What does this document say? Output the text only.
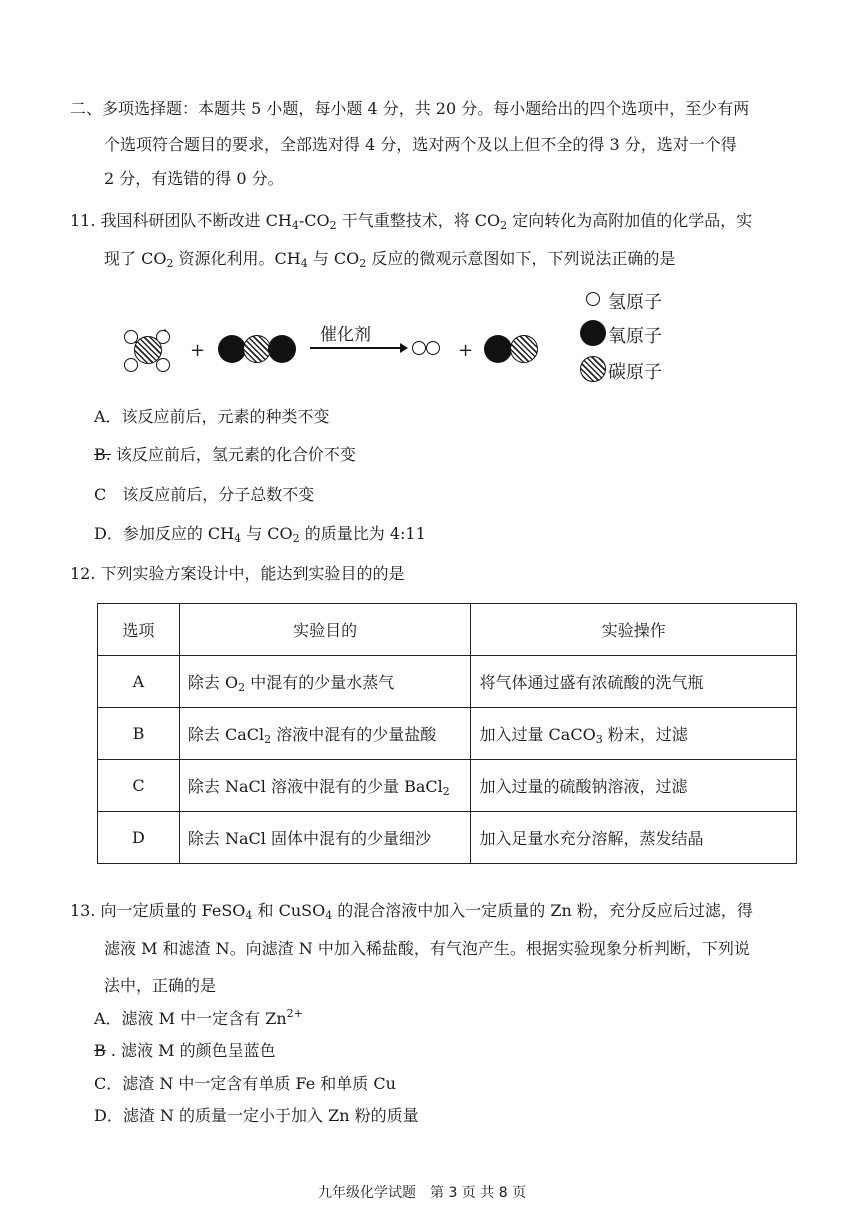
二、多项选择题：本题共 5 小题，每小题 4 分，共 20 分。每小题给出的四个选项中，至少有两
个选项符合题目的要求，全部选对得 4 分，选对两个及以上但不全的得 3 分，选对一个得
2 分，有选错的得 0 分。
11. 我国科研团队不断改进 $CH_4-CO_2$ 干气重整技术，将 $CO_2$ 定向转化为高附加值的化学品，实
现了 $CO_2$ 资源化利用。$CH_4$ 与 $CO_2$ 反应的微观示意图如下，下列说法正确的是
+
催化剂
+
氢原子
氧原子
碳原子
A．该反应前后，元素的种类不变
B. 该反应前后，氢元素的化合价不变
C　该反应前后，分子总数不变
D．参加反应的 $CH_4$ 与 $CO_2$ 的质量比为 4:11
12. 下列实验方案设计中，能达到实验目的的是
选项	实验目的	实验操作
A	除去 $O_2$ 中混有的少量水蒸气	将气体通过盛有浓硫酸的洗气瓶
B	除去 CaCl$_2$ 溶液中混有的少量盐酸	加入过量 CaCO$_3$ 粉末，过滤
C	除去 NaCl 溶液中混有的少量 BaCl$_2$	加入过量的硫酸钠溶液，过滤
D	除去 NaCl 固体中混有的少量细沙	加入足量水充分溶解，蒸发结晶
13. 向一定质量的 FeSO$_4$ 和 CuSO$_4$ 的混合溶液中加入一定质量的 Zn 粉，充分反应后过滤，得
滤液 M 和滤渣 N。向滤渣 N 中加入稀盐酸，有气泡产生。根据实验现象分析判断，下列说
法中，正确的是
A．滤液 M 中一定含有 $Zn^{2+}$
B . 滤液 M 的颜色呈蓝色
C．滤渣 N 中一定含有单质 Fe 和单质 Cu
D．滤渣 N 的质量一定小于加入 Zn 粉的质量
九年级化学试题　第 3 页 共 8 页
